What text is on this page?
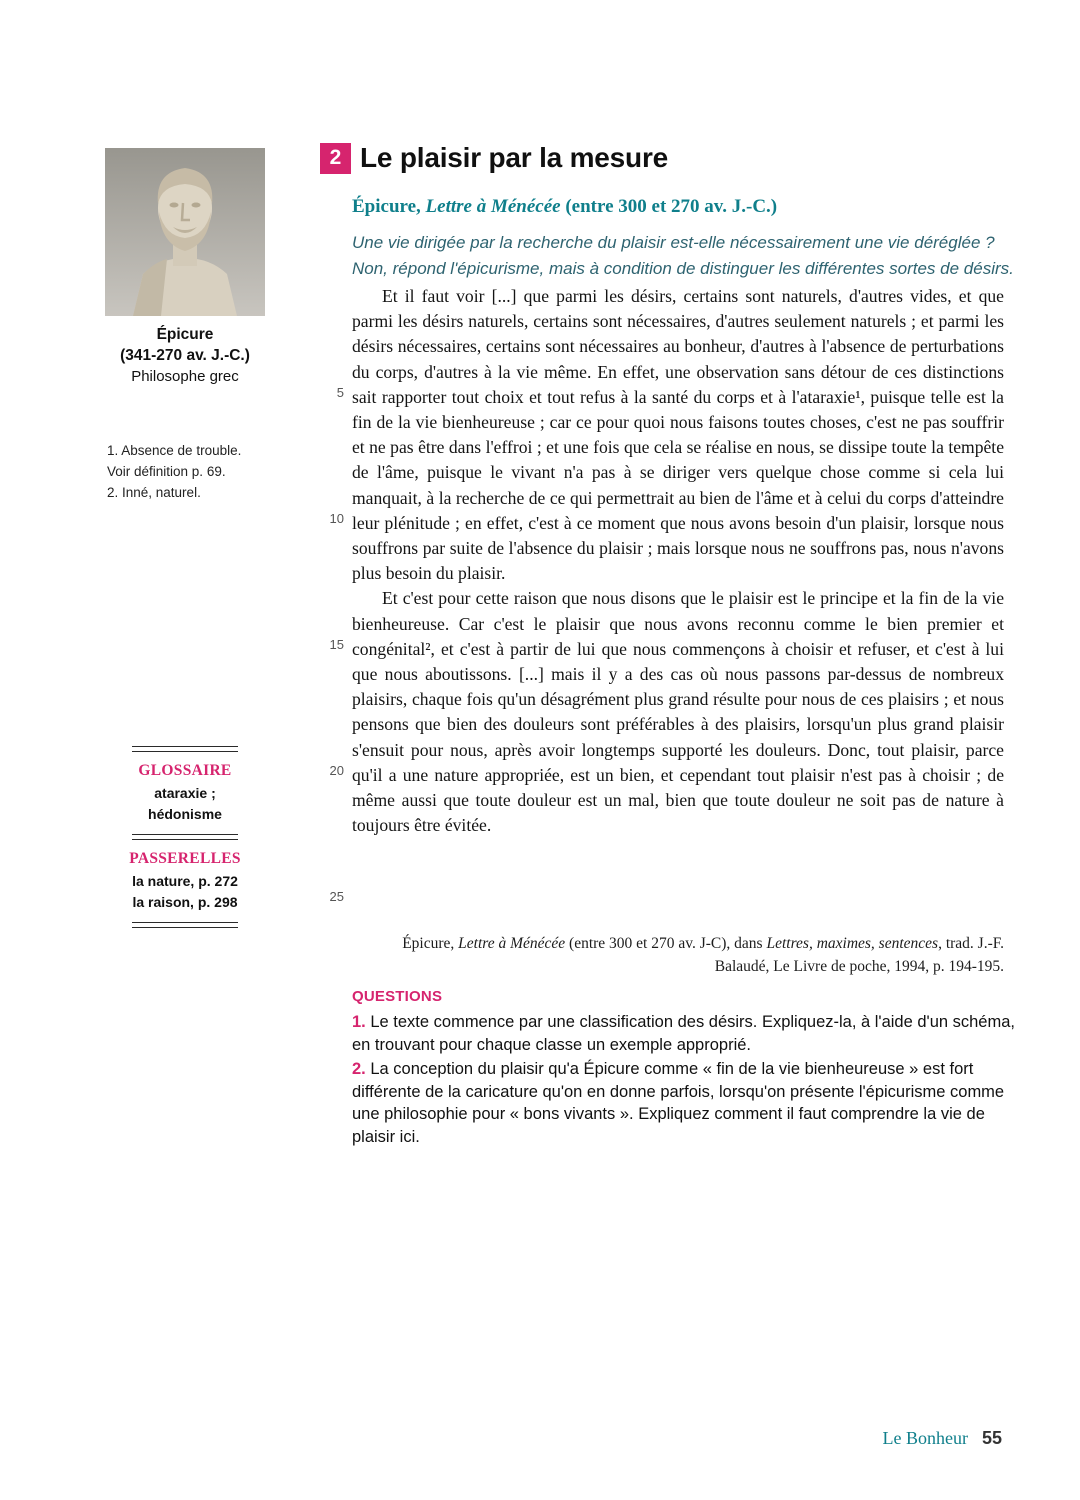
Épicure
(341-270 av. J.-C.)
Philosophe grec
1. Absence de trouble.
Voir définition p. 69.
2. Inné, naturel.
GLOSSAIRE
ataraxie ; hédonisme
PASSERELLES
la nature, p. 272
la raison, p. 298
2 Le plaisir par la mesure
Épicure, Lettre à Ménécée (entre 300 et 270 av. J.-C.)
Une vie dirigée par la recherche du plaisir est-elle nécessairement une vie déréglée ?
Non, répond l'épicurisme, mais à condition de distinguer les différentes sortes de désirs.
5
10
15
20
25

Et il faut voir [...] que parmi les désirs, certains sont naturels, d'autres vides, et que parmi les désirs naturels, certains sont nécessaires, d'autres seulement naturels ; et parmi les désirs nécessaires, certains sont nécessaires au bonheur, d'autres à l'absence de perturbations du corps, d'autres à la vie même. En effet, une observation sans détour de ces distinctions sait rapporter tout choix et tout refus à la santé du corps et à l'ataraxie¹, puisque telle est la fin de la vie bienheureuse ; car ce pour quoi nous faisons toutes choses, c'est ne pas souffrir et ne pas être dans l'effroi ; et une fois que cela se réalise en nous, se dissipe toute la tempête de l'âme, puisque le vivant n'a pas à se diriger vers quelque chose comme si cela lui manquait, à la recherche de ce qui permettrait au bien de l'âme et à celui du corps d'atteindre leur plénitude ; en effet, c'est à ce moment que nous avons besoin d'un plaisir, lorsque nous souffrons par suite de l'absence du plaisir ; mais lorsque nous ne souffrons pas, nous n'avons plus besoin du plaisir.

Et c'est pour cette raison que nous disons que le plaisir est le principe et la fin de la vie bienheureuse. Car c'est le plaisir que nous avons reconnu comme le bien premier et congénital², et c'est à partir de lui que nous commençons à choisir et refuser, et c'est à lui que nous aboutissons. [...] mais il y a des cas où nous passons par-dessus de nombreux plaisirs, chaque fois qu'un désagrément plus grand résulte pour nous de ces plaisirs ; et nous pensons que bien des douleurs sont préférables à des plaisirs, lorsqu'un plus grand plaisir s'ensuit pour nous, après avoir longtemps supporté les douleurs. Donc, tout plaisir, parce qu'il a une nature appropriée, est un bien, et cependant tout plaisir n'est pas à choisir ; de même aussi que toute douleur est un mal, bien que toute douleur ne soit pas de nature à toujours être évitée.

Épicure, Lettre à Ménécée (entre 300 et 270 av. J-C), dans Lettres, maximes, sentences, trad. J.-F. Balaudé, Le Livre de poche, 1994, p. 194-195.
QUESTIONS

1. Le texte commence par une classification des désirs. Expliquez-la, à l'aide d'un schéma, en trouvant pour chaque classe un exemple approprié.

2. La conception du plaisir qu'a Épicure comme « fin de la vie bienheureuse » est fort différente de la caricature qu'on en donne parfois, lorsqu'on présente l'épicurisme comme une philosophie pour « bons vivants ». Expliquez comment il faut comprendre la vie de plaisir ici.

Le Bonheur 55
